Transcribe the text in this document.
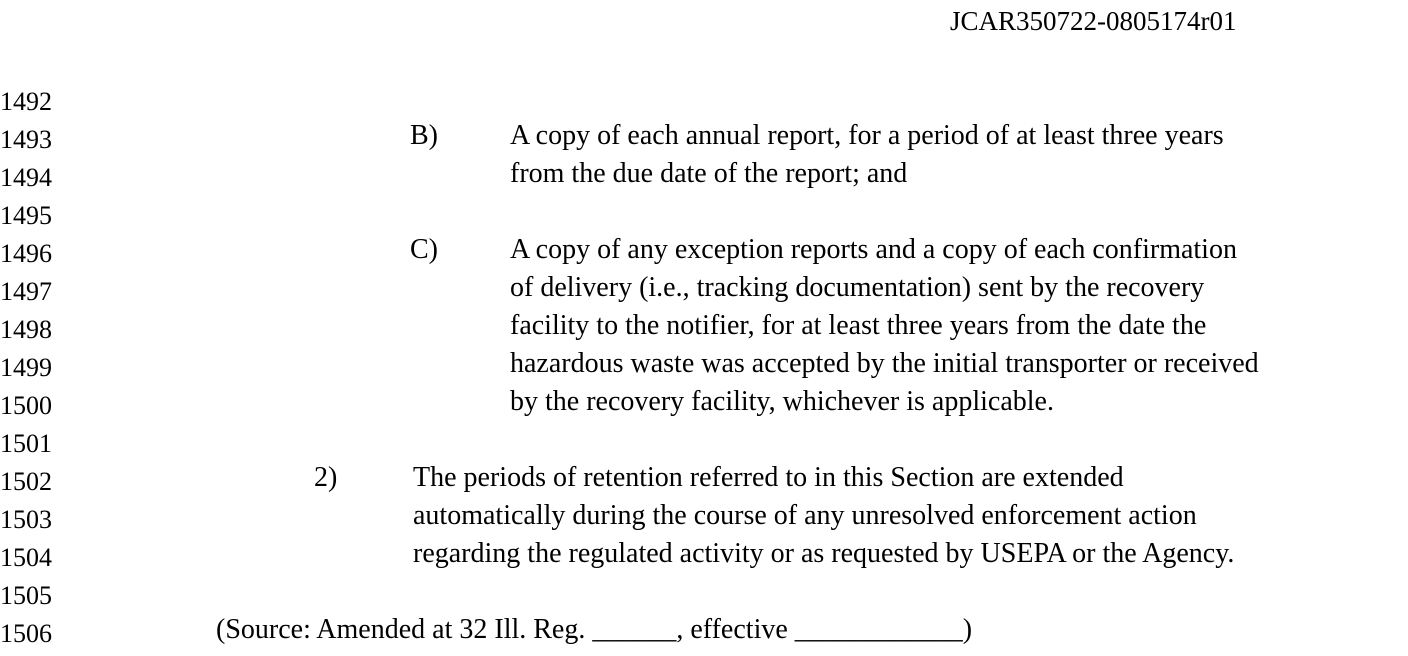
JCAR350722-0805174r01
1492
1493
1494
1495
1496
1497
1498
1499
1500
1501
1502
1503
1504
1505
1506
B)	A copy of each annual report, for a period of at least three years
from the due date of the report; and
C)	A copy of any exception reports and a copy of each confirmation
of delivery (i.e., tracking documentation) sent by the recovery
facility to the notifier, for at least three years from the date the
hazardous waste was accepted by the initial transporter or received
by the recovery facility, whichever is applicable.
2)	The periods of retention referred to in this Section are extended
automatically during the course of any unresolved enforcement action
regarding the regulated activity or as requested by USEPA or the Agency.
(Source: Amended at 32 Ill. Reg. ______, effective ____________)
